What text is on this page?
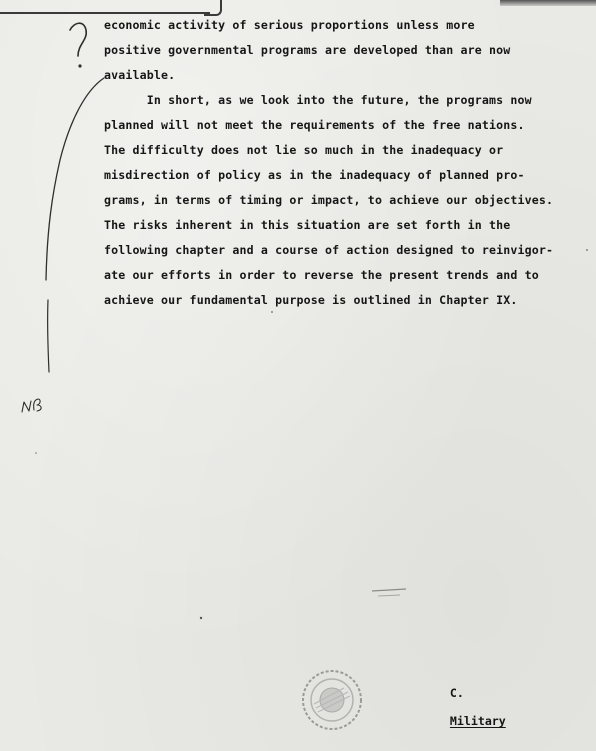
economic activity of serious proportions unless more

positive governmental programs are developed than are now

available.

In short, as we look into the future, the programs now

planned will not meet the requirements of the free nations.

The difficulty does not lie so much in the inadequacy or

misdirection of policy as in the inadequacy of planned pro-

grams, in terms of timing or impact, to achieve our objectives.

The risks inherent in this situation are set forth in the

following chapter and a course of action designed to reinvigor-

ate our efforts in order to reverse the present trends and to

achieve our fundamental purpose is outlined in Chapter IX.

C.

Military
